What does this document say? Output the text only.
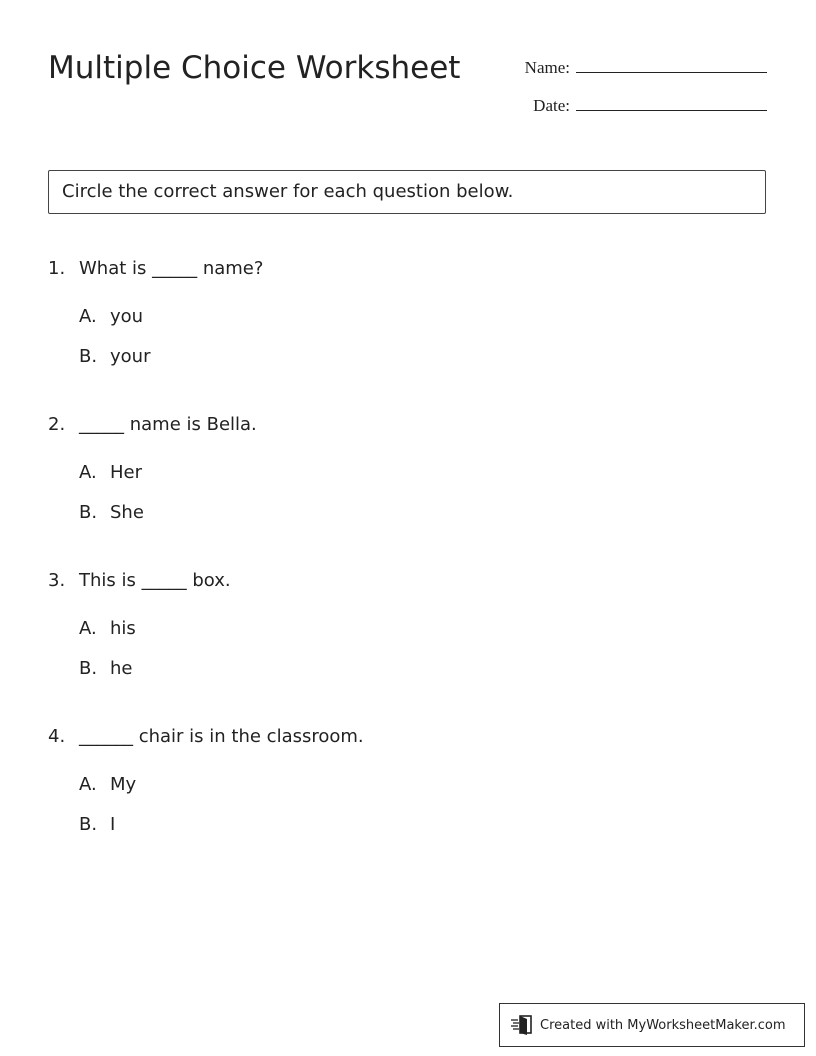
Multiple Choice Worksheet	Name:
Date:
Circle the correct answer for each question below.
1. What is _____ name?
A. you
B. your
2. _____ name is Bella.
A. Her
B. She
3. This is _____ box.
A. his
B. he
4. ______ chair is in the classroom.
A. My
B. I
Created with MyWorksheetMaker.com
